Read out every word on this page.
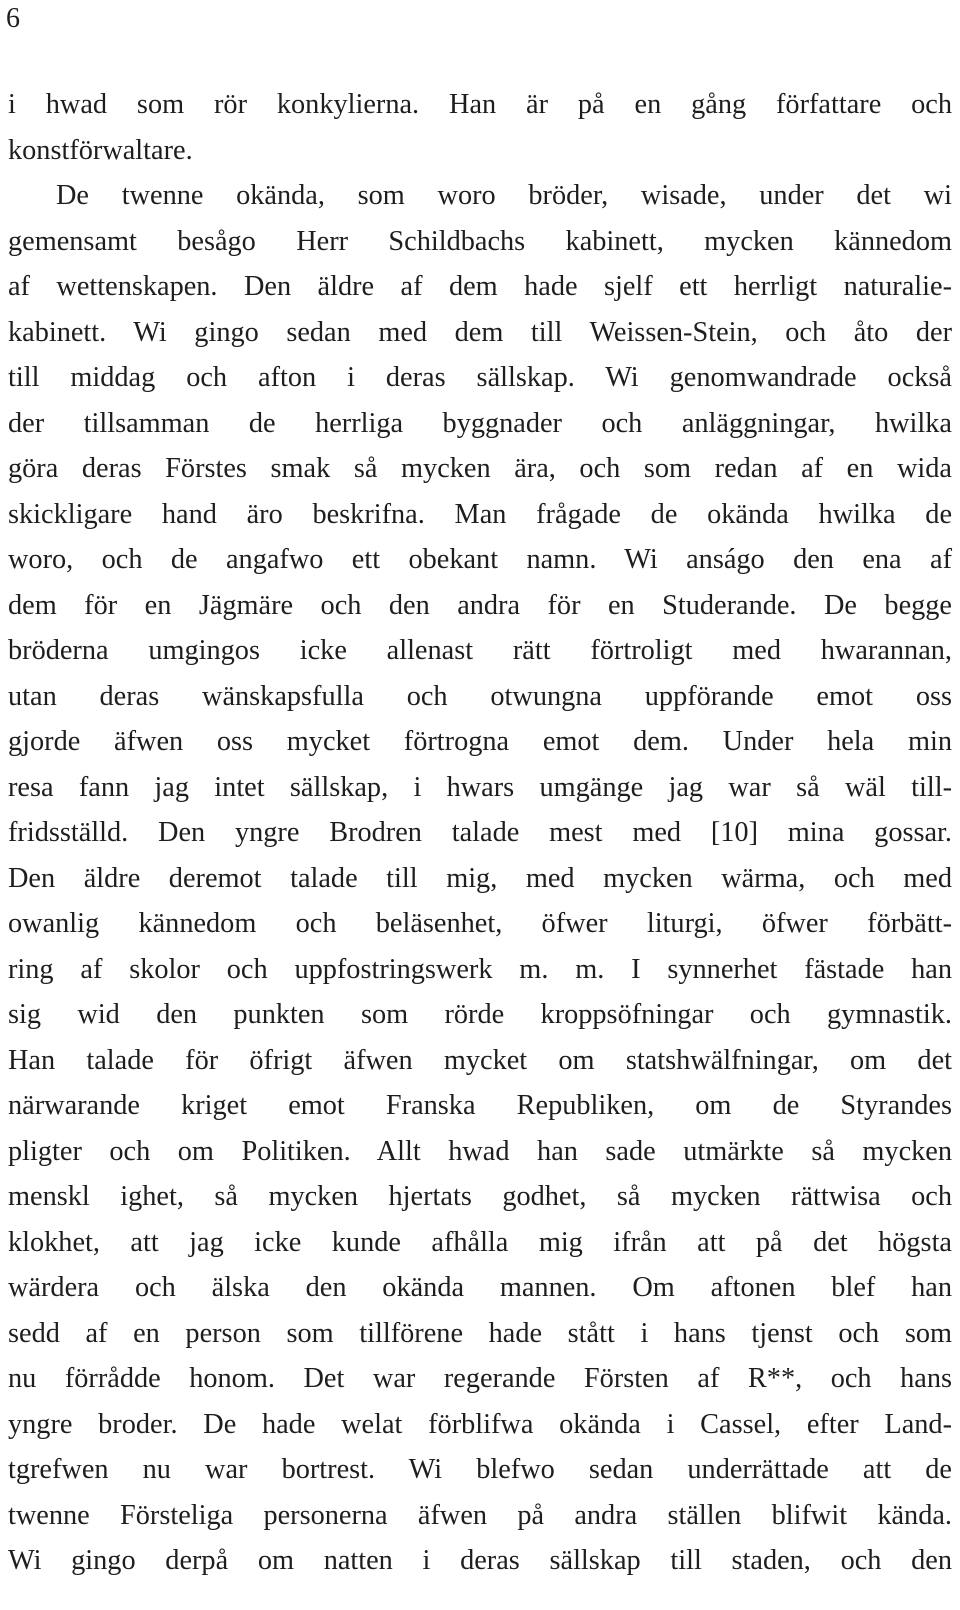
6
i hwad som rör konkylierna. Han är på en gång författare och
konstförwaltare.
De twenne okända, som woro bröder, wisade, under det wi
gemensamt besågo Herr Schildbachs kabinett, mycken kännedom
af wettenskapen. Den äldre af dem hade sjelf ett herrligt naturalie-
kabinett. Wi gingo sedan med dem till Weissen-Stein, och åto der
till middag och afton i deras sällskap. Wi genomwandrade också
der tillsamman de herrliga byggnader och anläggningar, hwilka
göra deras Förstes smak så mycken ära, och som redan af en wida
skickligare hand äro beskrifna. Man frågade de okända hwilka de
woro, och de angafwo ett obekant namn. Wi anságo den ena af
dem för en Jägmäre och den andra för en Studerande. De begge
bröderna umgingos icke allenast rätt förtroligt med hwarannan,
utan deras wänskapsfulla och otwungna uppförande emot oss
gjorde äfwen oss mycket förtrogna emot dem. Under hela min
resa fann jag intet sällskap, i hwars umgänge jag war så wäl till-
fridsställd. Den yngre Brodren talade mest med [10] mina gossar.
Den äldre deremot talade till mig, med mycken wärma, och med
owanlig kännedom och beläsenhet, öfwer liturgi, öfwer förbätt-
ring af skolor och uppfostringswerk m. m. I synnerhet fästade han
sig wid den punkten som rörde kroppsöfningar och gymnastik.
Han talade för öfrigt äfwen mycket om statshwälfningar, om det
närwarande kriget emot Franska Republiken, om de Styrandes
pligter och om Politiken. Allt hwad han sade utmärkte så mycken
menskl ighet, så mycken hjertats godhet, så mycken rättwisa och
klokhet, att jag icke kunde afhålla mig ifrån att på det högsta
wärdera och älska den okända mannen. Om aftonen blef han
sedd af en person som tillförene hade stått i hans tjenst och som
nu förrådde honom. Det war regerande Försten af R**, och hans
yngre broder. De hade welat förblifwa okända i Cassel, efter Land-
tgrefwen nu war bortrest. Wi blefwo sedan underrättade att de
twenne Försteliga personerna äfwen på andra ställen blifwit kända.
Wi gingo derpå om natten i deras sällskap till staden, och den
